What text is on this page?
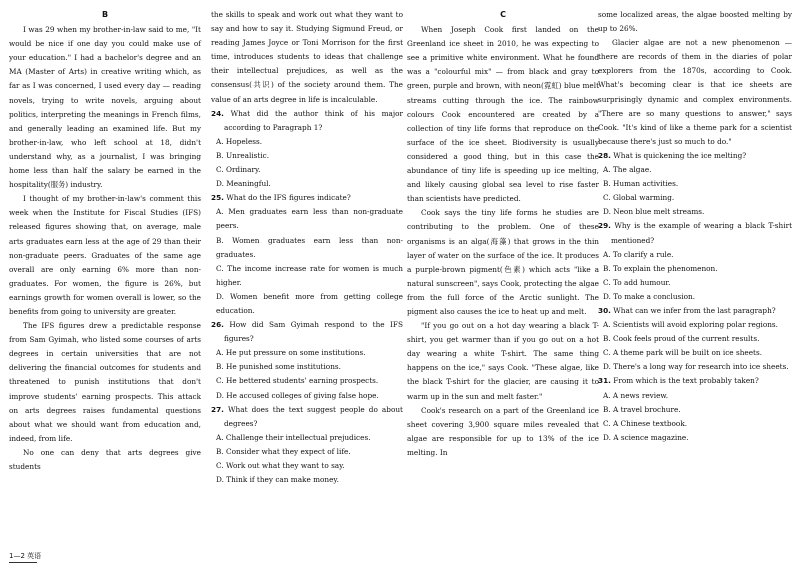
B

I was 29 when my brother-in-law said to me, "It would be nice if one day you could make use of your education." I had a bachelor's degree and an MA (Master of Arts) in creative writing which, as far as I was concerned, I used every day — reading novels, trying to write novels, arguing about politics, interpreting the meanings in French films, and generally leading an examined life. But my brother-in-law, who left school at 18, didn't understand why, as a journalist, I was bringing home less than half the salary be earned in the hospitality(服务) industry.

I thought of my brother-in-law's comment this week when the Institute for Fiscal Studies (IFS) released figures showing that, on average, male arts graduates earn less at the age of 29 than their non-graduate peers. Graduates of the same age overall are only earning 6% more than non-graduates. For women, the figure is 26%, but earnings growth for women overall is lower, so the benefits from going to university are greater.

The IFS figures drew a predictable response from Sam Gyimah, who listed some courses of arts degrees in certain universities that are not delivering the financial outcomes for students and threatened to punish institutions that don't improve students' earning prospects. This attack on arts degrees raises fundamental questions about what we should want from education and, indeed, from life.

No one can deny that arts degrees give students

the skills to speak and work out what they want to say and how to say it. Studying Sigmund Freud, or reading James Joyce or Toni Morrison for the first time, introduces students to ideas that challenge their intellectual prejudices, as well as the consensus(共识) of the society around them. The value of an arts degree in life is incalculable.

24. What did the author think of his major according to Paragraph 1?

A. Hopeless.

B. Unrealistic.

C. Ordinary.

D. Meaningful.

25. What do the IFS figures indicate?

A. Men graduates earn less than non-graduate peers.

B. Women graduates earn less than non-graduates.

C. The income increase rate for women is much higher.

D. Women benefit more from getting college education.

26. How did Sam Gyimah respond to the IFS figures?

A. He put pressure on some institutions.

B. He punished some institutions.

C. He bettered students' earning prospects.

D. He accused colleges of giving false hope.

27. What does the text suggest people do about degrees?

A. Challenge their intellectual prejudices.

B. Consider what they expect of life.

C. Work out what they want to say.

D. Think if they can make money.

C

When Joseph Cook first landed on the Greenland ice sheet in 2010, he was expecting to see a primitive white environment. What he found was a "colourful mix" — from black and gray to green, purple and brown, with neon(霓虹) blue melt streams cutting through the ice. The rainbow colours Cook encountered are created by a collection of tiny life forms that reproduce on the surface of the ice sheet. Biodiversity is usually considered a good thing, but in this case the abundance of tiny life is speeding up ice melting, and likely causing global sea level to rise faster than scientists have predicted.

Cook says the tiny life forms he studies are contributing to the problem. One of these organisms is an alga(海藻) that grows in the thin layer of water on the surface of the ice. It produces a purple-brown pigment(色素) which acts "like a natural sunscreen", says Cook, protecting the algae from the full force of the Arctic sunlight. The pigment also causes the ice to heat up and melt.

"If you go out on a hot day wearing a black T-shirt, you get warmer than if you go out on a hot day wearing a white T-shirt. The same thing happens on the ice," says Cook. "These algae, like the black T-shirt for the glacier, are causing it to warm up in the sun and melt faster."

Cook's research on a part of the Greenland ice sheet covering 3,900 square miles revealed that algae are responsible for up to 13% of the ice melting. In

some localized areas, the algae boosted melting by up to 26%.

Glacier algae are not a new phenomenon — there are records of them in the diaries of polar explorers from the 1870s, according to Cook. What's becoming clear is that ice sheets are surprisingly dynamic and complex environments. "There are so many questions to answer," says Cook. "It's kind of like a theme park for a scientist because there's just so much to do."

28. What is quickening the ice melting?

A. The algae.

B. Human activities.

C. Global warming.

D. Neon blue melt streams.

29. Why is the example of wearing a black T-shirt mentioned?

A. To clarify a rule.

B. To explain the phenomenon.

C. To add humour.

D. To make a conclusion.

30. What can we infer from the last paragraph?

A. Scientists will avoid exploring polar regions.

B. Cook feels proud of the current results.

C. A theme park will be built on ice sheets.

D. There's a long way for research into ice sheets.

31. From which is the text probably taken?

A. A news review.

B. A travel brochure.

C. A Chinese textbook.

D. A science magazine.

1—2 英语
